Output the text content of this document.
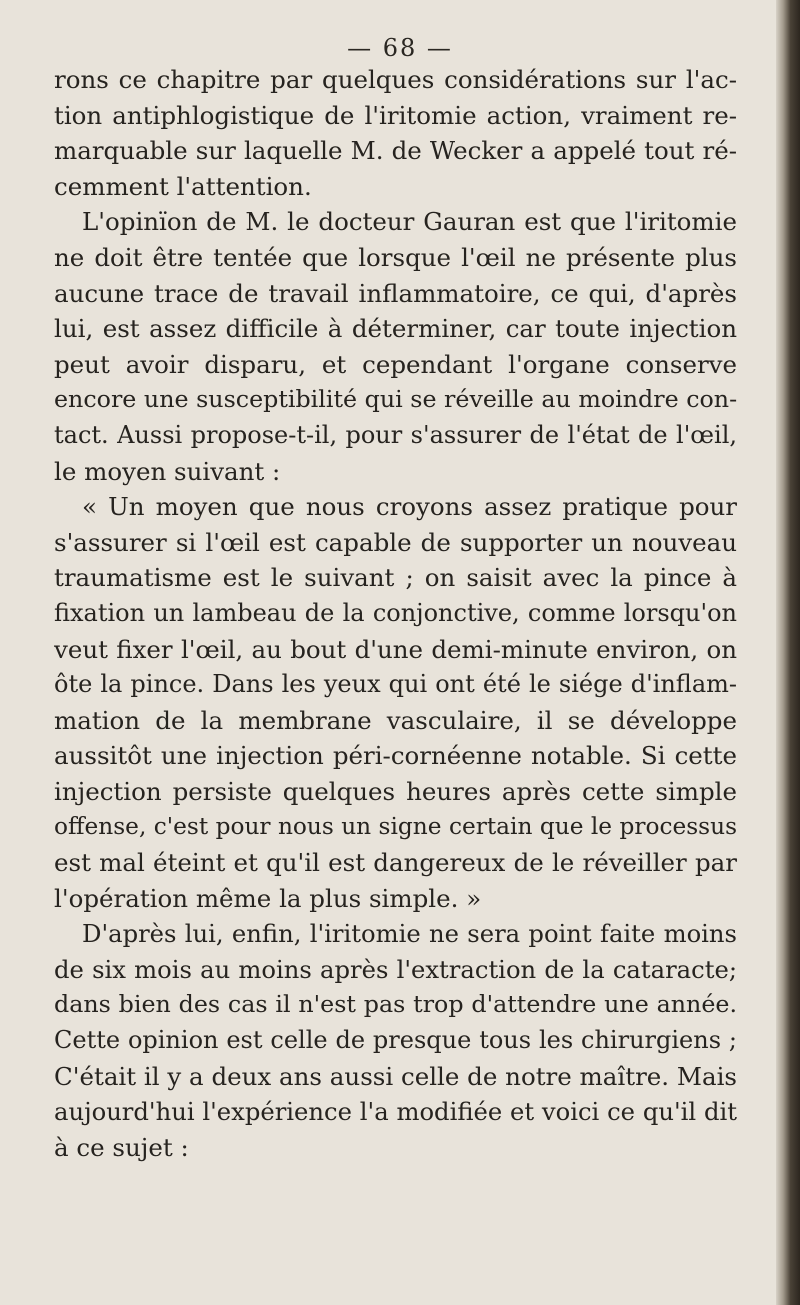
— 68 —
rons ce chapitre par quelques considérations sur l'ac-
tion antiphlogistique de l'iritomie action, vraiment re-
marquable sur laquelle M. de Wecker a appelé tout ré-
cemment l'attention.
L'opinïon de M. le docteur Gauran est que l'iritomie
ne doit être tentée que lorsque l'œil ne présente plus
aucune trace de travail inflammatoire, ce qui, d'après
lui, est assez difficile à déterminer, car toute injection
peut avoir disparu, et cependant l'organe conserve
encore une susceptibilité qui se réveille au moindre con-
tact. Aussi propose-t-il, pour s'assurer de l'état de l'œil,
le moyen suivant :
« Un moyen que nous croyons assez pratique pour
s'assurer si l'œil est capable de supporter un nouveau
traumatisme est le suivant ; on saisit avec la pince à
fixation un lambeau de la conjonctive, comme lorsqu'on
veut fixer l'œil, au bout d'une demi-minute environ, on
ôte la pince. Dans les yeux qui ont été le siége d'inflam-
mation de la membrane vasculaire, il se développe
aussitôt une injection péri-cornéenne notable. Si cette
injection persiste quelques heures après cette simple
offense, c'est pour nous un signe certain que le processus
est mal éteint et qu'il est dangereux de le réveiller par
l'opération même la plus simple. »
D'après lui, enfin, l'iritomie ne sera point faite moins
de six mois au moins après l'extraction de la cataracte;
dans bien des cas il n'est pas trop d'attendre une année.
Cette opinion est celle de presque tous les chirurgiens ;
C'était il y a deux ans aussi celle de notre maître. Mais
aujourd'hui l'expérience l'a modifiée et voici ce qu'il dit
à ce sujet :
